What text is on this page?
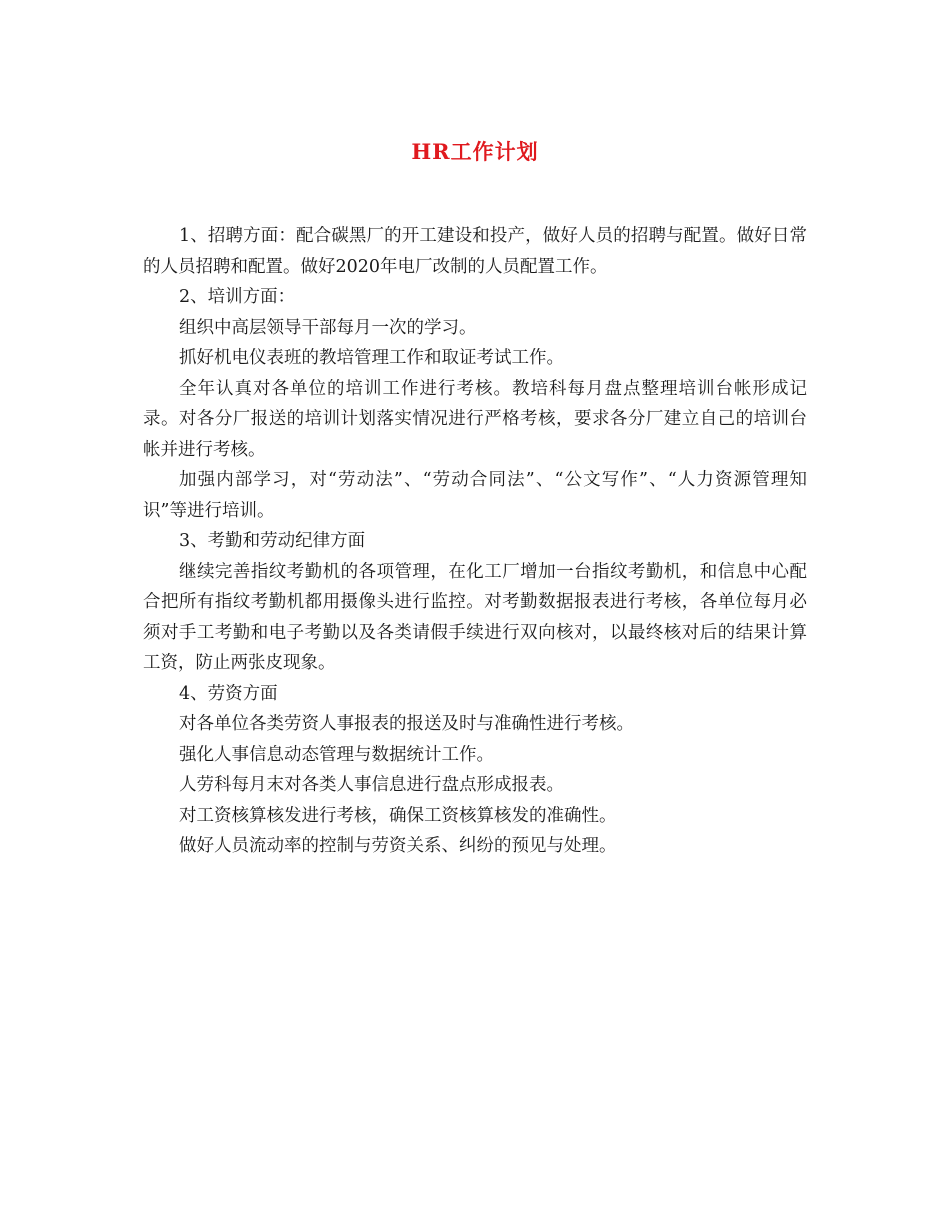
HR工作计划

1、招聘方面：配合碳黑厂的开工建设和投产，做好人员的招聘与配置。做好日常的人员招聘和配置。做好2020年电厂改制的人员配置工作。

2、培训方面：

组织中高层领导干部每月一次的学习。

抓好机电仪表班的教培管理工作和取证考试工作。

全年认真对各单位的培训工作进行考核。教培科每月盘点整理培训台帐形成记录。对各分厂报送的培训计划落实情况进行严格考核，要求各分厂建立自己的培训台帐并进行考核。

加强内部学习，对“劳动法”、“劳动合同法”、“公文写作”、“人力资源管理知识”等进行培训。

3、考勤和劳动纪律方面

继续完善指纹考勤机的各项管理，在化工厂增加一台指纹考勤机，和信息中心配合把所有指纹考勤机都用摄像头进行监控。对考勤数据报表进行考核，各单位每月必须对手工考勤和电子考勤以及各类请假手续进行双向核对，以最终核对后的结果计算工资，防止两张皮现象。

4、劳资方面

对各单位各类劳资人事报表的报送及时与准确性进行考核。

强化人事信息动态管理与数据统计工作。

人劳科每月末对各类人事信息进行盘点形成报表。

对工资核算核发进行考核，确保工资核算核发的准确性。

做好人员流动率的控制与劳资关系、纠纷的预见与处理。
